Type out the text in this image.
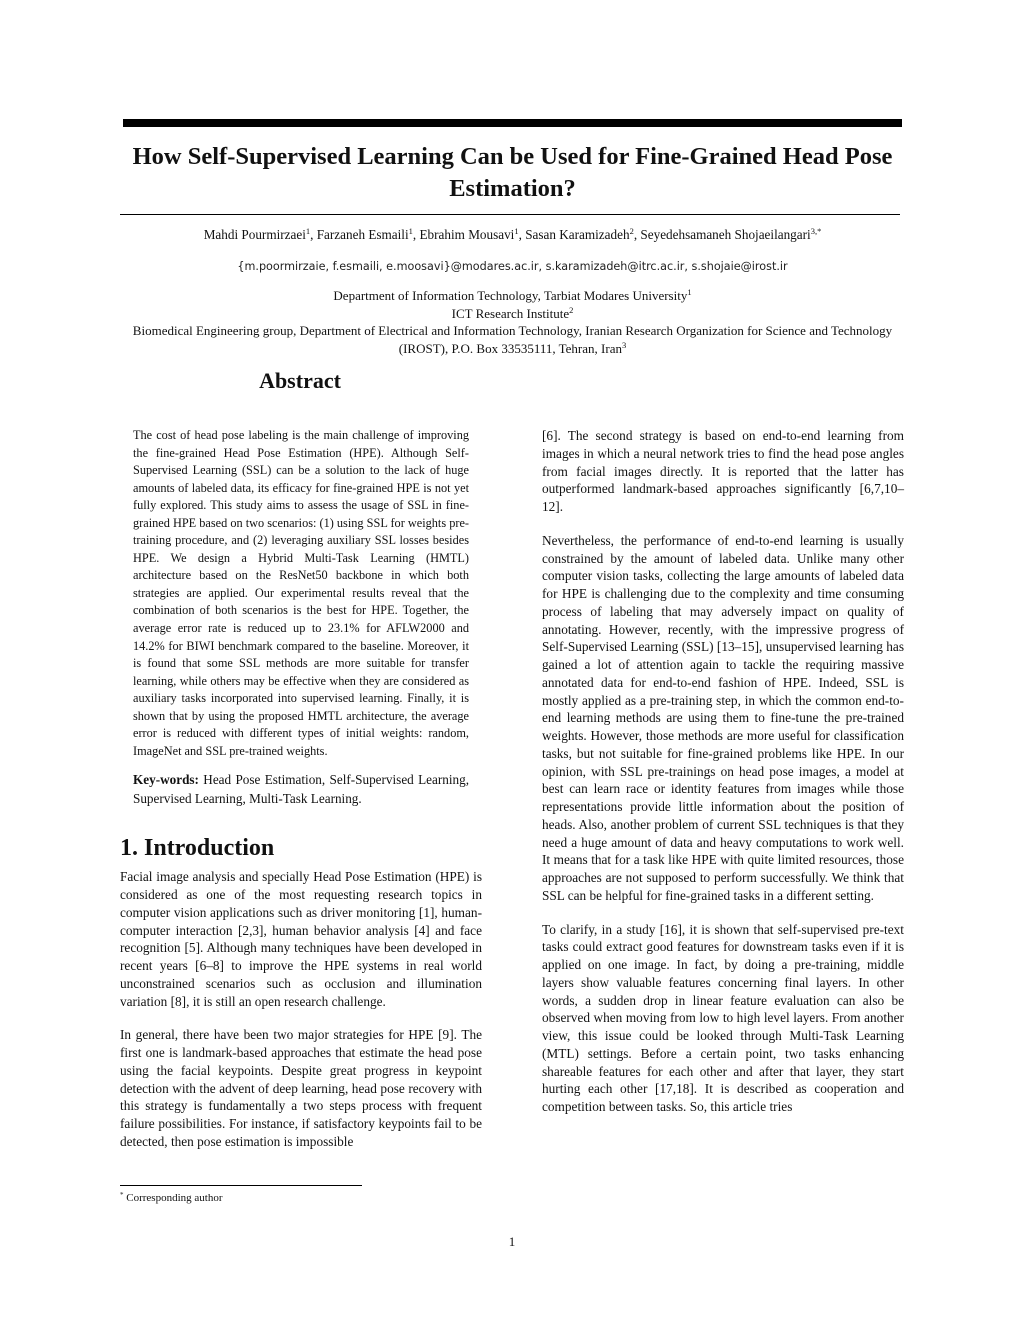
How Self-Supervised Learning Can be Used for Fine-Grained Head Pose Estimation?
Mahdi Pourmirzaei$^1$, Farzaneh Esmaili$^1$, Ebrahim Mousavi$^1$, Sasan Karamizadeh$^2$, Seyedehsamaneh Shojaeilangari$^{3,*}$
{m.poormirzaie, f.esmaili, e.moosavi}@modares.ac.ir, s.karamizadeh@itrc.ac.ir, s.shojaie@irost.ir
Department of Information Technology, Tarbiat Modares University$^1$
ICT Research Institute$^2$
Biomedical Engineering group, Department of Electrical and Information Technology, Iranian Research Organization for Science and Technology (IROST), P.O. Box 33535111, Tehran, Iran$^3$
Abstract

The cost of head pose labeling is the main challenge of improving the fine-grained Head Pose Estimation (HPE). Although Self-Supervised Learning (SSL) can be a solution to the lack of huge amounts of labeled data, its efficacy for fine-grained HPE is not yet fully explored. This study aims to assess the usage of SSL in fine-grained HPE based on two scenarios: (1) using SSL for weights pre-training procedure, and (2) leveraging auxiliary SSL losses besides HPE. We design a Hybrid Multi-Task Learning (HMTL) architecture based on the ResNet50 backbone in which both strategies are applied. Our experimental results reveal that the combination of both scenarios is the best for HPE. Together, the average error rate is reduced up to 23.1% for AFLW2000 and 14.2% for BIWI benchmark compared to the baseline. Moreover, it is found that some SSL methods are more suitable for transfer learning, while others may be effective when they are considered as auxiliary tasks incorporated into supervised learning. Finally, it is shown that by using the proposed HMTL architecture, the average error is reduced with different types of initial weights: random, ImageNet and SSL pre-trained weights.

Key-words: Head Pose Estimation, Self-Supervised Learning, Supervised Learning, Multi-Task Learning.

1. Introduction

Facial image analysis and specially Head Pose Estimation (HPE) is considered as one of the most requesting research topics in computer vision applications such as driver monitoring [1], human-computer interaction [2,3], human behavior analysis [4] and face recognition [5]. Although many techniques have been developed in recent years [6–8] to improve the HPE systems in real world unconstrained scenarios such as occlusion and illumination variation [8], it is still an open research challenge.

In general, there have been two major strategies for HPE [9]. The first one is landmark-based approaches that estimate the head pose using the facial keypoints. Despite great progress in keypoint detection with the advent of deep learning, head pose recovery with this strategy is fundamentally a two steps process with frequent failure possibilities. For instance, if satisfactory keypoints fail to be detected, then pose estimation is impossible

[6]. The second strategy is based on end-to-end learning from images in which a neural network tries to find the head pose angles from facial images directly. It is reported that the latter has outperformed landmark-based approaches significantly [6,7,10–12].

Nevertheless, the performance of end-to-end learning is usually constrained by the amount of labeled data. Unlike many other computer vision tasks, collecting the large amounts of labeled data for HPE is challenging due to the complexity and time consuming process of labeling that may adversely impact on quality of annotating. However, recently, with the impressive progress of Self-Supervised Learning (SSL) [13–15], unsupervised learning has gained a lot of attention again to tackle the requiring massive annotated data for end-to-end fashion of HPE. Indeed, SSL is mostly applied as a pre-training step, in which the common end-to-end learning methods are using them to fine-tune the pre-trained weights. However, those methods are more useful for classification tasks, but not suitable for fine-grained problems like HPE. In our opinion, with SSL pre-trainings on head pose images, a model at best can learn race or identity features from images while those representations provide little information about the position of heads. Also, another problem of current SSL techniques is that they need a huge amount of data and heavy computations to work well. It means that for a task like HPE with quite limited resources, those approaches are not supposed to perform successfully. We think that SSL can be helpful for fine-grained tasks in a different setting.

To clarify, in a study [16], it is shown that self-supervised pre-text tasks could extract good features for downstream tasks even if it is applied on one image. In fact, by doing a pre-training, middle layers show valuable features concerning final layers. In other words, a sudden drop in linear feature evaluation can also be observed when moving from low to high level layers. From another view, this issue could be looked through Multi-Task Learning (MTL) settings. Before a certain point, two tasks enhancing shareable features for each other and after that layer, they start hurting each other [17,18]. It is described as cooperation and competition between tasks. So, this article tries

* Corresponding author
1
